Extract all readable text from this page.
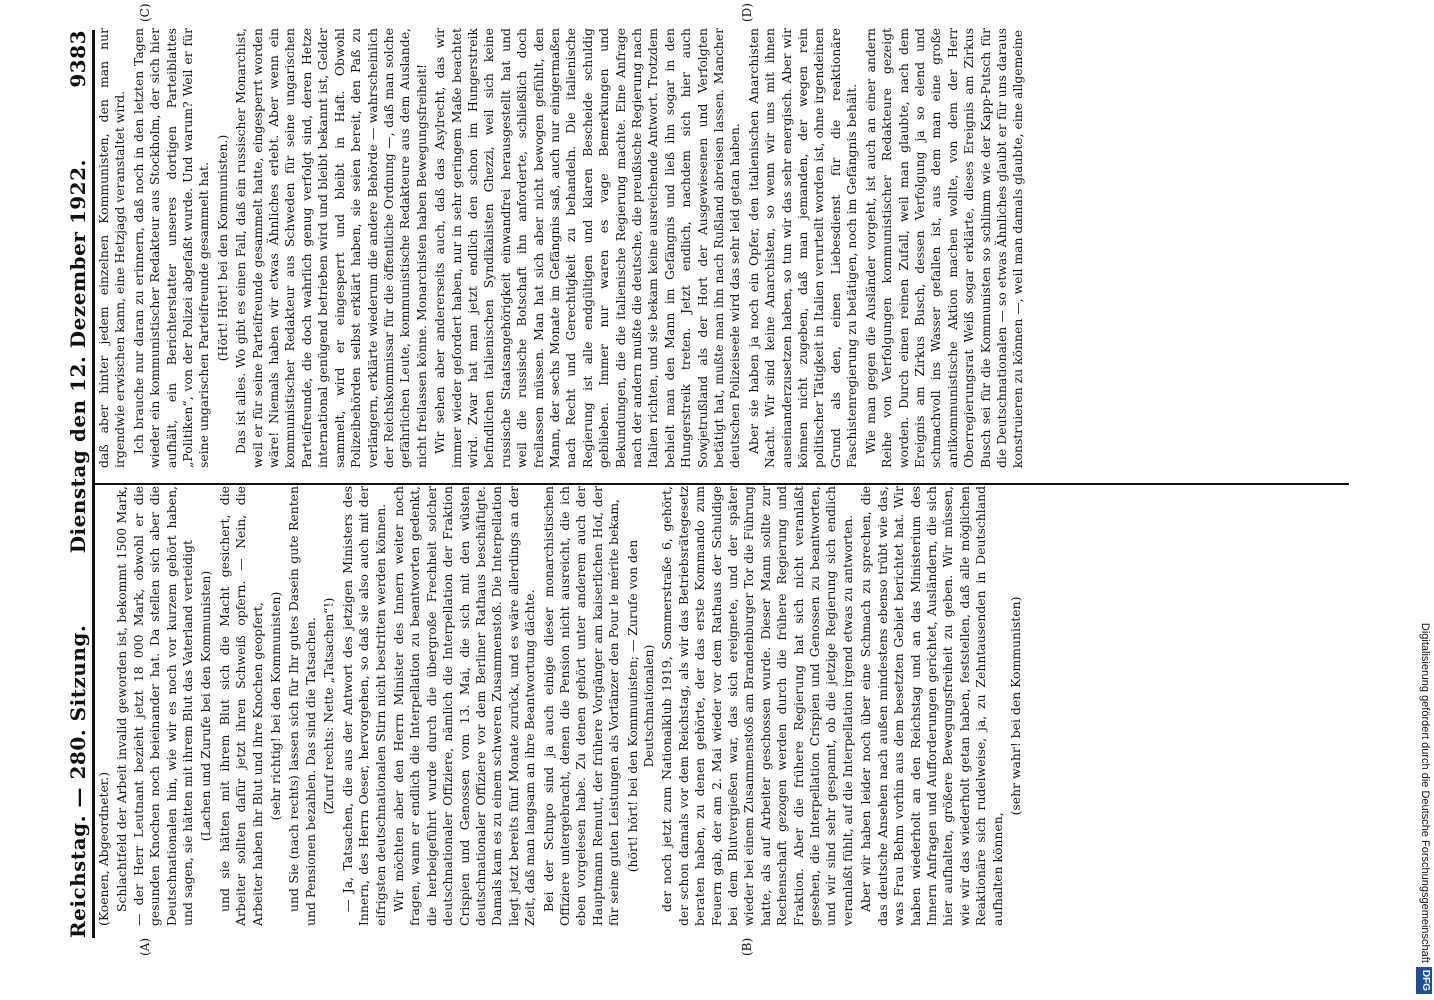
Reichstag. — 280. Sitzung.
Dienstag den 12. Dezember 1922.
9383
(A)	(B)
(C)	(D)

(Koenen, Abgeordneter.) Schlachtfeld der Arbeit invalid geworden ist, bekommt 1500 Mark, — der Herr Leutnant bezieht jetzt 18 000 Mark, obwohl er die gesunden Knochen noch beieinander hat. Da stellen sich aber die Deutschnationalen hin, wie wir es noch vor kurzem gehört haben, und sagen, sie hätten mit ihrem Blut das Vaterland verteidigt (Lachen und Zurufe bei den Kommunisten) und sie hätten mit ihrem Blut sich die Macht gesichert, die Arbeiter sollten dafür jetzt ihren Schweiß opfern. — Nein, die Arbeiter haben ihr Blut und ihre Knochen geopfert, (sehr richtig! bei den Kommunisten) und Sie (nach rechts) lassen sich für Ihr gutes Dasein gute Renten und Pensionen bezahlen. Das sind die Tatsachen. (Zuruf rechts: Nette „Tatsachen“!) — Ja, Tatsachen, die aus der Antwort des jetzigen Ministers des Innern, des Herrn Oeser, hervorgehen, so daß sie also auch mit der eifrigsten deutschnationalen Stirn nicht bestritten werden können. Wir möchten aber den Herrn Minister des Innern weiter noch fragen, wann er endlich die Interpellation zu beantworten gedenkt, die herbeigeführt wurde durch die übergroße Frechheit solcher deutschnationaler Offiziere, nämlich die Interpellation der Fraktion Crispien und Genossen vom 13. Mai, die sich mit den wüsten deutschnationaler Offiziere vor dem Berliner Rathaus beschäftigte. Damals kam es zu einem schweren Zusammenstoß. Die Interpellation liegt jetzt bereits fünf Monate zurück, und es wäre allerdings an der Zeit, daß man langsam an ihre Beantwortung dächte. Bei der Schupo sind ja auch einige dieser monarchistischen Offiziere untergebracht, denen die Pension nicht ausreicht, die ich eben vorgelesen habe. Zu denen gehört unter anderem auch der Hauptmann Remutt, der frühere Vorgänger am kaiserlichen Hof, der für seine guten Leistungen als Vortänzer den Pour le mérite bekam, (hört! hört! bei den Kommunisten; — Zurufe von den Deutschnationalen) der noch jetzt zum Nationalklub 1919, Sommerstraße 6, gehört, der schon damals vor dem Reichstag, als wir das Betriebsrätegesetz beraten haben, zu denen gehörte, der das erste Kommando zum Feuern gab, der am 2. Mai wieder vor dem Rathaus der Schuldige bei dem Blutvergießen war, das sich ereignete, und der später wieder bei einem Zusammenstoß am Brandenburger Tor die Führung hatte, als auf Arbeiter geschossen wurde. Dieser Mann sollte zur Rechenschaft gezogen werden durch die frühere Regierung und Fraktion. Aber die frühere Regierung hat sich nicht veranlaßt gesehen, die Interpellation Crispien und Genossen zu beantworten, und wir sind sehr gespannt, ob die jetzige Regierung sich endlich veranlaßt fühlt, auf die Interpellation irgend etwas zu antworten. Aber wir haben leider noch über eine Schmach zu sprechen, die das deutsche Ansehen nach außen mindestens ebenso trübt wie das, was Frau Behm vorhin aus dem besetzten Gebiet berichtet hat. Wir haben wiederholt an den Reichstag und an das Ministerium des Innern Anfragen und Aufforderungen gerichtet, Ausländern, die sich hier aufhalten, größere Bewegungsfreiheit zu geben. Wir müssen, wie wir das wiederholt getan haben, feststellen, daß alle möglichen Reaktionäre sich rudelweise, ja, zu Zehntausenden in Deutschland aufhalten können,

(sehr wahr! bei den Kommunisten)

daß aber hinter jedem einzelnen Kommunisten, den man nur irgendwie erwischen kann, eine Hetzjagd veranstaltet wird. Ich brauche nur daran zu erinnern, daß noch in den letzten Tagen wieder ein kommunistischer Redakteur aus Stockholm, der sich hier aufhält, ein Berichterstatter unseres dortigen Parteiblattes „Politiken“, von der Polizei abgefaßt wurde. Und warum? Weil er für seine ungarischen Parteifreunde gesammelt hat. (Hört! Hört! bei den Kommunisten.) Das ist alles. Wo gibt es einen Fall, daß ein russischer Monarchist, weil er für seine Parteifreunde gesammelt hatte, eingesperrt worden wäre! Niemals haben wir etwas Ähnliches erlebt. Aber wenn ein kommunistischer Redakteur aus Schweden für seine ungarischen Parteifreunde, die doch wahrlich genug verfolgt sind, deren Hetze international genügend betrieben wird und bleibt bekannt ist, Gelder sammelt, wird er eingesperrt und bleibt in Haft. Obwohl Polizeibehörden selbst erklärt haben, sie seien bereit, den Paß zu verlängern, erklärte wiederum die andere Behörde — wahrscheinlich der Reichskommissar für die öffentliche Ordnung —, daß man solche gefährlichen Leute, kommunistische Redakteure aus dem Auslande, nicht freilassen könne. Monarchisten haben Bewegungsfreiheit! Wir sehen aber andererseits auch, daß das Asylrecht, das wir immer wieder gefordert haben, nur in sehr geringem Maße beachtet wird. Zwar hat man jetzt endlich den schon im Hungerstreik befindlichen italienischen Syndikalisten Ghezzi, weil sich keine russische Staatsangehörigkeit einwandfrei herausgestellt hat und weil die russische Botschaft ihn anforderte, schließlich doch freilassen müssen. Man hat sich aber nicht bewogen gefühlt, den Mann, der sechs Monate im Gefängnis saß, auch nur einigermaßen nach Recht und Gerechtigkeit zu behandeln. Die italienische Regierung ist alle endgültigen und klaren Bescheide schuldig geblieben. Immer nur waren es vage Bemerkungen und Bekundungen, die die italienische Regierung machte. Eine Anfrage nach der andern mußte die deutsche, die preußische Regierung nach Italien richten, und sie bekam keine ausreichende Antwort. Trotzdem behielt man den Mann im Gefängnis und ließ ihn sogar in den Hungerstreik treten. Jetzt endlich, nachdem sich hier auch Sowjetrußland als der Hort der Ausgewiesenen und Verfolgten betätigt hat, mußte man ihn nach Rußland abreisen lassen. Mancher deutschen Polizeiseele wird das sehr leid getan haben. Aber sie haben ja noch ein Opfer, den italienischen Anarchisten Nacht. Wir sind keine Anarchisten, so wenn wir uns mit ihnen auseinanderzusetzen haben, so tun wir das sehr energisch. Aber wir können nicht zugeben, daß man jemanden, der wegen rein politischer Tätigkeit in Italien verurteilt worden ist, ohne irgendeinen Grund als den, einen Liebesdienst für die reaktionäre Faschistenregierung zu betätigen, noch im Gefängnis behält. Wie man gegen die Ausländer vorgeht, ist auch an einer andern Reihe von Verfolgungen kommunistischer Redakteure gezeigt worden. Durch einen reinen Zufall, weil man glaubte, nach dem Ereignis am Zirkus Busch, dessen Verfolgung ja so elend und schmachvoll ins Wasser gefallen ist, aus dem man eine große antikommunistische Aktion machen wollte, von dem der Herr Oberregierungsrat Weiß sogar erklärte, dieses Ereignis am Zirkus Busch sei für die Kommunisten so schlimm wie der Kapp-Putsch für die Deutschnationalen — so etwas Ähnliches glaubt er für uns daraus konstruieren zu können —, weil man damals glaubte, eine allgemeine

Digitalisierung gefördert durch die Deutsche Forschungsgemeinschaft
DFG
